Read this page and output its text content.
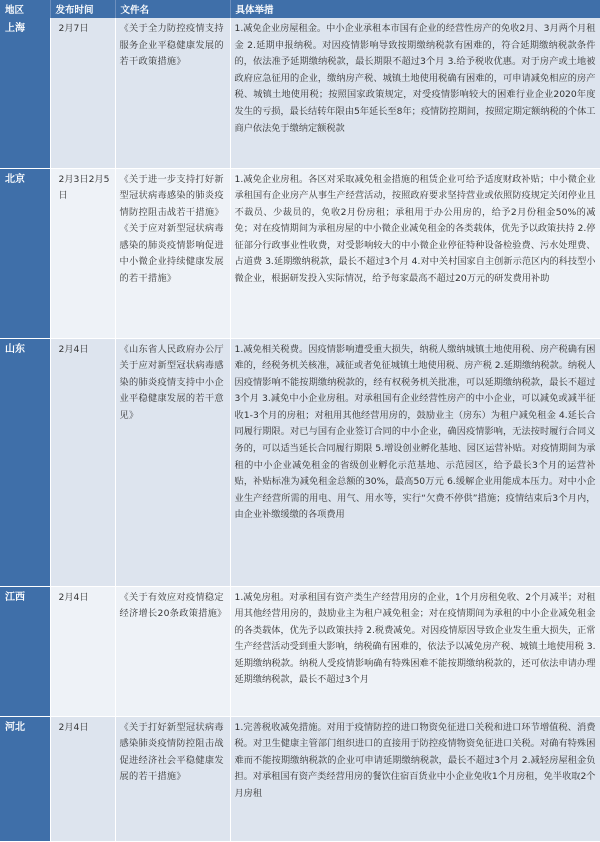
地区	发布时间	文件名	具体举措
上海	2月7日	《关于全力防控疫情支持服务企业平稳健康发展的若干政策措施》	1.减免企业房屋租金。中小企业承租本市国有企业的经营性房产的免收2月、3月两个月租金 2.延期申报纳税。对因疫情影响导致按期缴纳税款有困难的，符合延期缴纳税款条件的，依法准予延期缴纳税款，最长期限不超过3个月 3.给予税收优惠。对于房产或土地被政府应急征用的企业，缴纳房产税、城镇土地使用税确有困难的，可申请减免相应的房产税、城镇土地使用税；按照国家政策规定，对受疫情影响较大的困难行业企业2020年度发生的亏损，最长结转年限由5年延长至8年；疫情防控期间，按照定期定额纳税的个体工商户依法免于缴纳定额税款
北京	2月3日2月5日	《关于进一步支持打好新型冠状病毒感染的肺炎疫情防控阻击战若干措施》《关于应对新型冠状病毒感染的肺炎疫情影响促进中小微企业持续健康发展的若干措施》	1.减免企业房租。各区对采取减免租金措施的租赁企业可给予适度财政补贴；中小微企业承租国有企业房产从事生产经营活动，按照政府要求坚持营业或依照防疫规定关闭停业且不裁员、少裁员的，免收2月份房租；承租用于办公用房的，给予2月份租金50%的减免；对在疫情期间为承租房屋的中小微企业减免租金的各类载体，优先予以政策扶持 2.停征部分行政事业性收费，对受影响较大的中小微企业停征特种设备检验费、污水处理费、占道费 3.延期缴纳税款，最长不超过3个月 4.对中关村国家自主创新示范区内的科技型小微企业，根据研发投入实际情况，给予每家最高不超过20万元的研发费用补助
山东	2月4日	《山东省人民政府办公厅关于应对新型冠状病毒感染的肺炎疫情支持中小企业平稳健康发展的若干意见》	1.减免相关税费。因疫情影响遭受重大损失，纳税人缴纳城镇土地使用税、房产税确有困难的，经税务机关核准，减征或者免征城镇土地使用税、房产税 2.延期缴纳税款。纳税人因疫情影响不能按期缴纳税款的，经有权税务机关批准，可以延期缴纳税款，最长不超过3个月 3.减免中小企业房租。对承租国有企业经营性房产的中小企业，可以减免或减半征收1-3个月的房租；对租用其他经营用房的，鼓励业主（房东）为租户减免租金 4.延长合同履行期限。对已与国有企业签订合同的中小企业，确因疫情影响，无法按时履行合同义务的，可以适当延长合同履行期限 5.增设创业孵化基地、园区运营补贴。对疫情期间为承租的中小企业减免租金的省级创业孵化示范基地、示范园区，给予最长3个月的运营补贴，补贴标准为减免租金总额的30%，最高50万元 6.缓解企业用能成本压力。对中小企业生产经营所需的用电、用气、用水等，实行“欠费不停供”措施；疫情结束后3个月内，由企业补缴缓缴的各项费用
江西	2月4日	《关于有效应对疫情稳定经济增长20条政策措施》	1.减免房租。对承租国有资产类生产经营用房的企业，1个月房租免收、2个月减半；对租用其他经营用房的，鼓励业主为租户减免租金；对在疫情期间为承租的中小企业减免租金的各类载体，优先予以政策扶持 2.税费减免。对因疫情原因导致企业发生重大损失，正常生产经营活动受到重大影响，纳税确有困难的，依法予以减免房产税、城镇土地使用税 3.延期缴纳税款。纳税人受疫情影响确有特殊困难不能按期缴纳税款的，还可依法申请办理延期缴纳税款，最长不超过3个月
河北	2月4日	《关于打好新型冠状病毒感染肺炎疫情防控阻击战促进经济社会平稳健康发展的若干措施》	1.完善税收减免措施。对用于疫情防控的进口物资免征进口关税和进口环节增值税、消费税。对卫生健康主管部门组织进口的直接用于防控疫情物资免征进口关税。对确有特殊困难而不能按期缴纳税款的企业可申请延期缴纳税款，最长不超过3个月 2.减轻房屋租金负担。对承租国有资产类经营用房的餐饮住宿百货业中小企业免收1个月房租，免半收取2个月房租
